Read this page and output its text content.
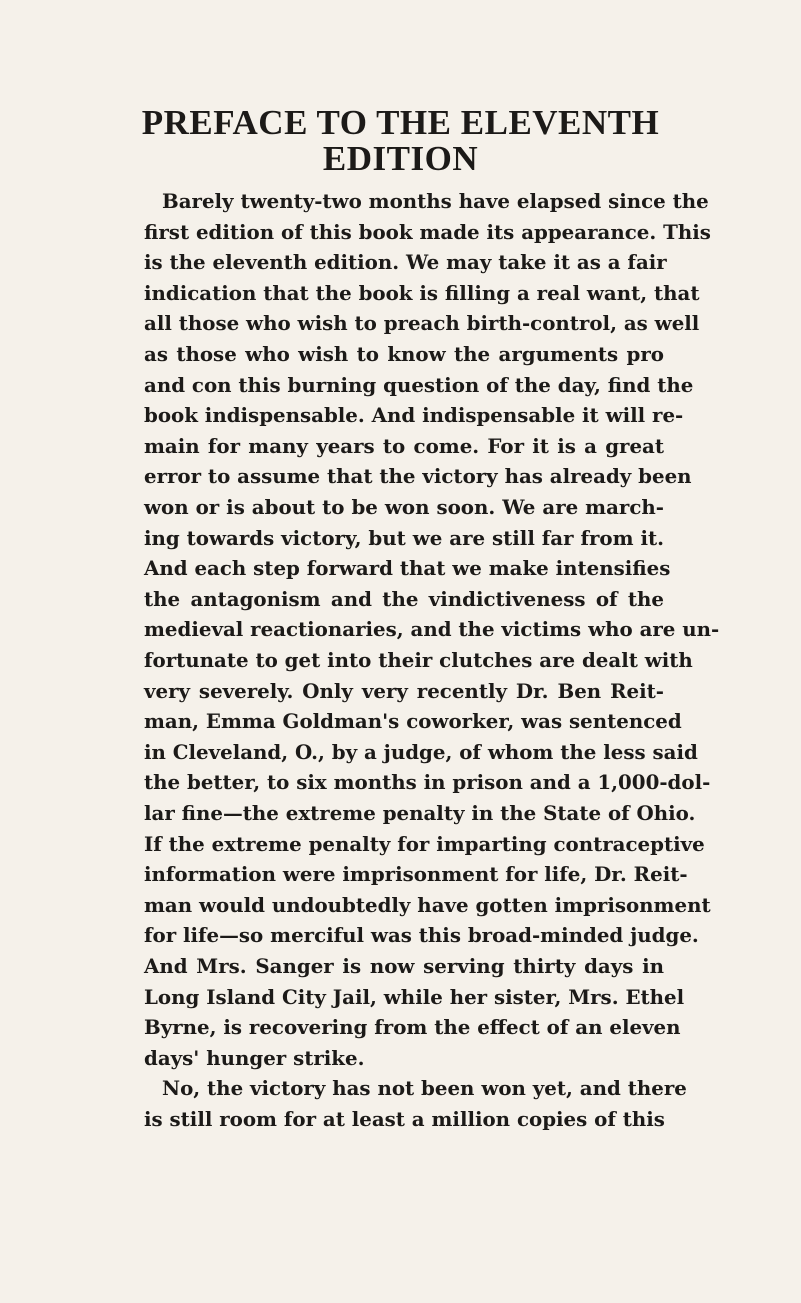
PREFACE TO THE ELEVENTH
EDITION

Barely twenty-two months have elapsed since the

first edition of this book made its appearance. This

is the eleventh edition. We may take it as a fair

indication that the book is filling a real want, that

all those who wish to preach birth-control, as well

as those who wish to know the arguments pro

and con this burning question of the day, find the

book indispensable. And indispensable it will re-

main for many years to come. For it is a great

error to assume that the victory has already been

won or is about to be won soon. We are march-

ing towards victory, but we are still far from it.

And each step forward that we make intensifies

the antagonism and the vindictiveness of the

medieval reactionaries, and the victims who are un-

fortunate to get into their clutches are dealt with

very severely. Only very recently Dr. Ben Reit-

man, Emma Goldman's coworker, was sentenced

in Cleveland, O., by a judge, of whom the less said

the better, to six months in prison and a 1,000-dol-

lar fine—the extreme penalty in the State of Ohio.

If the extreme penalty for imparting contraceptive

information were imprisonment for life, Dr. Reit-

man would undoubtedly have gotten imprisonment

for life—so merciful was this broad-minded judge.

And Mrs. Sanger is now serving thirty days in

Long Island City Jail, while her sister, Mrs. Ethel

Byrne, is recovering from the effect of an eleven

days' hunger strike.

No, the victory has not been won yet, and there

is still room for at least a million copies of this
